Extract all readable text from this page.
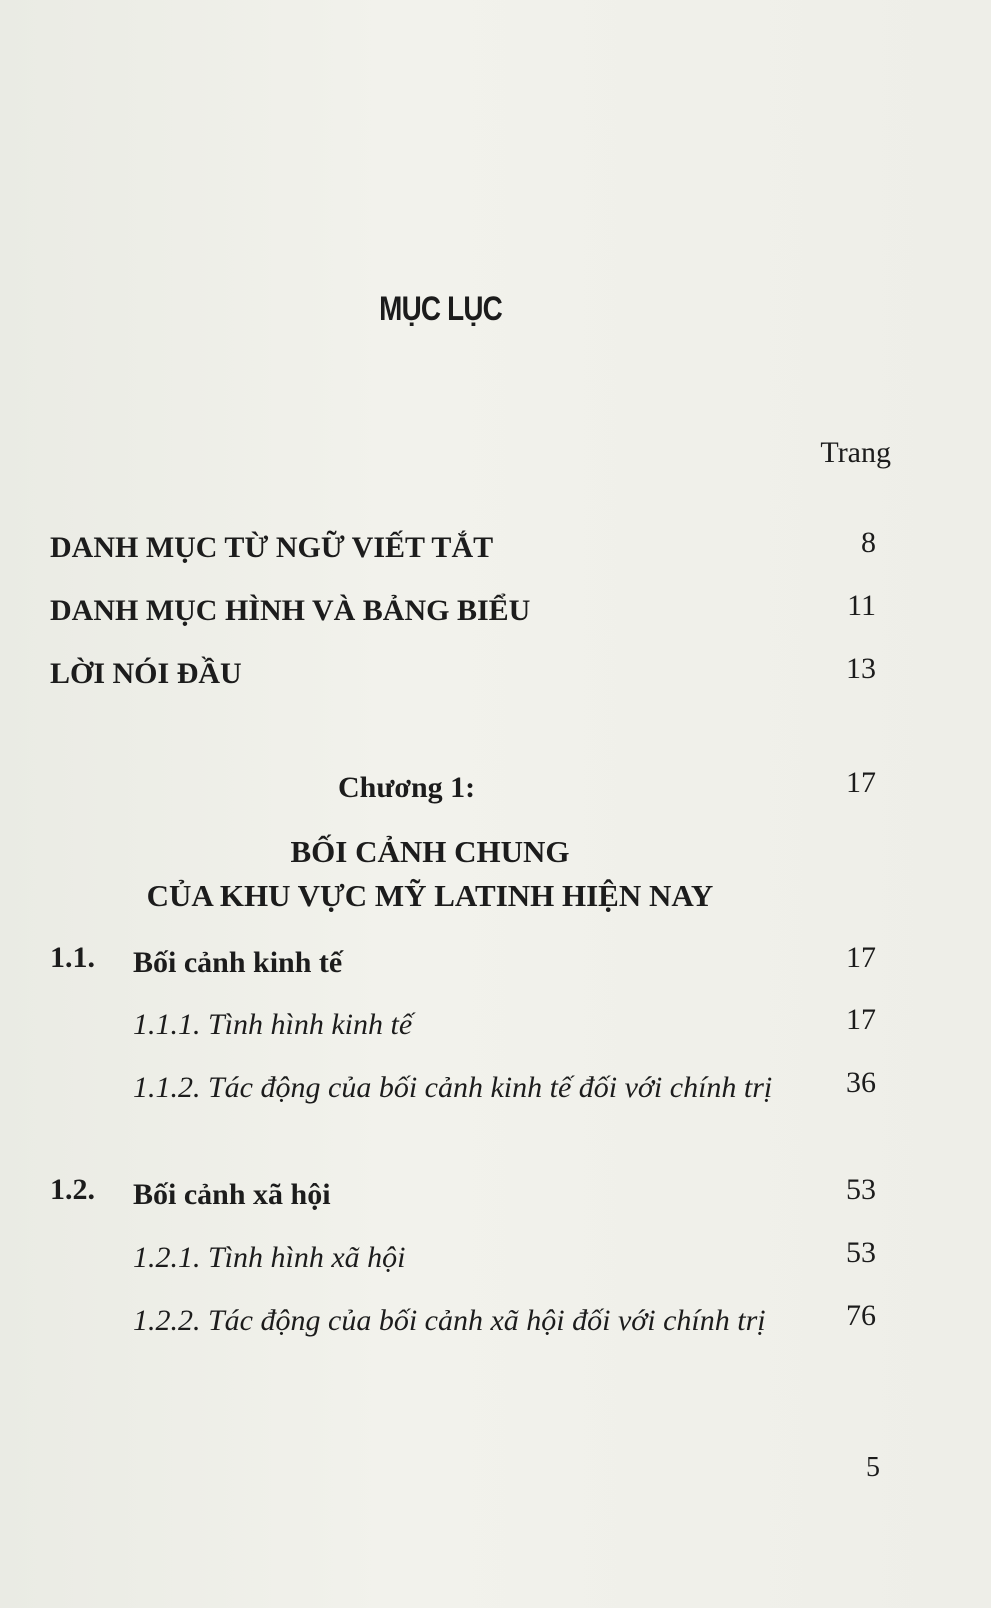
MỤC LỤC
Trang
DANH MỤC TỪ NGỮ VIẾT TẮT	8
DANH MỤC HÌNH VÀ BẢNG BIỂU	11
LỜI NÓI ĐẦU	13
Chương 1:	17
BỐI CẢNH CHUNG
CỦA KHU VỰC MỸ LATINH HIỆN NAY
1.1. Bối cảnh kinh tế	17
1.1.1. Tình hình kinh tế	17
1.1.2. Tác động của bối cảnh kinh tế đối với chính trị 36
1.2. Bối cảnh xã hội	53
1.2.1. Tình hình xã hội	53
1.2.2. Tác động của bối cảnh xã hội đối với chính trị	76
5
